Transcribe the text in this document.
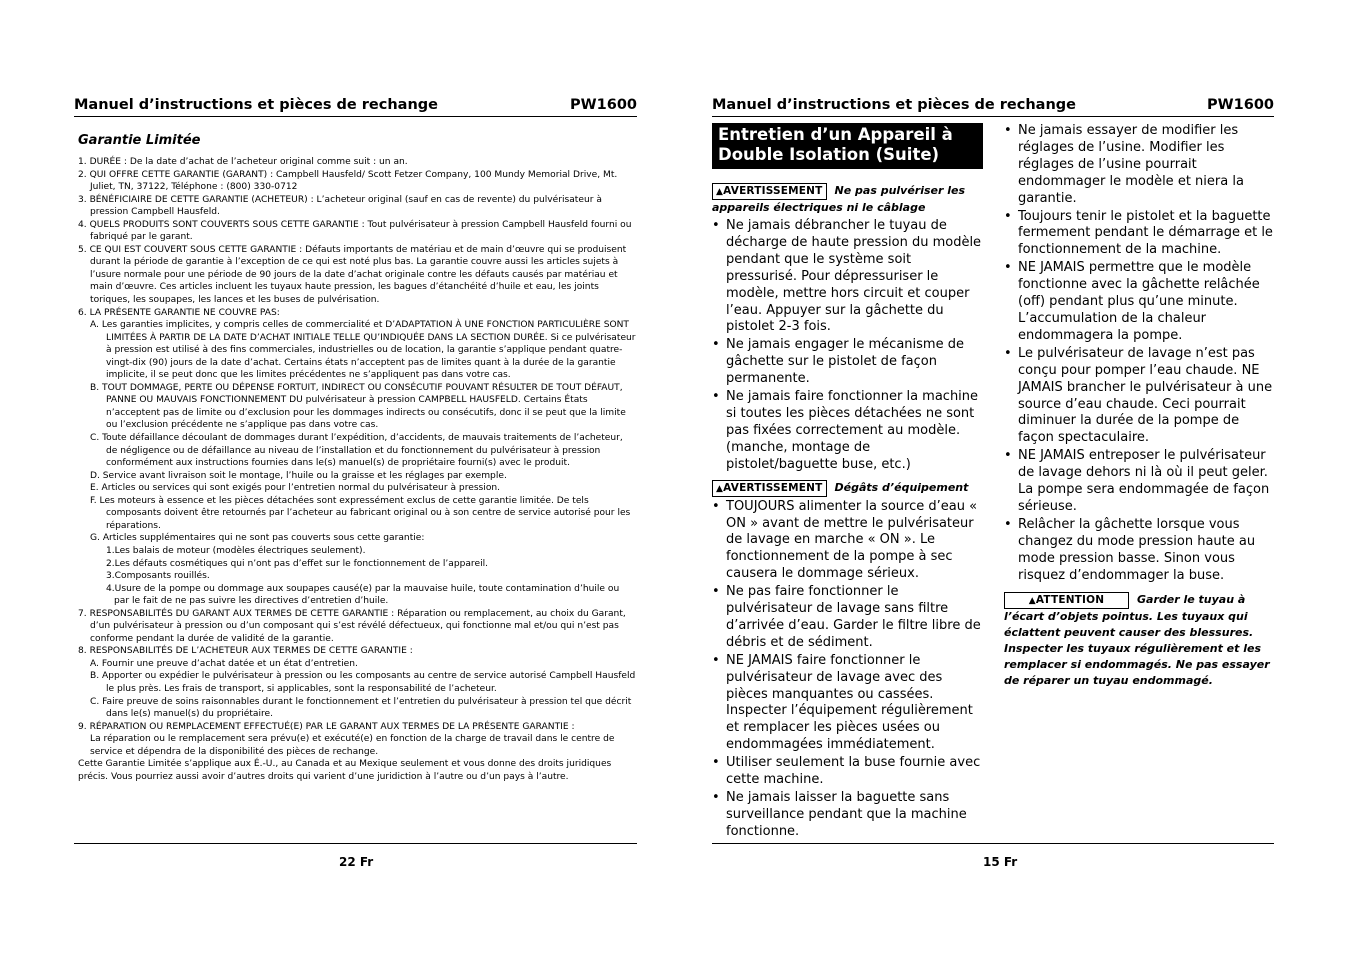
Manuel d’instructions et pièces de rechange	PW1600
Garantie Limitée
1. DURÉE : De la date d’achat de l’acheteur original comme suit : un an.
2. QUI OFFRE CETTE GARANTIE (GARANT) : Campbell Hausfeld/ Scott Fetzer Company, 100 Mundy Memorial Drive, Mt. Juliet, TN, 37122, Téléphone : (800) 330-0712
3. BÉNÉFICIAIRE DE CETTE GARANTIE (ACHETEUR) : L’acheteur original (sauf en cas de revente) du pulvérisateur à pression Campbell Hausfeld.
4. QUELS PRODUITS SONT COUVERTS SOUS CETTE GARANTIE : Tout pulvérisateur à pression Campbell Hausfeld fourni ou fabriqué par le garant.
5. CE QUI EST COUVERT SOUS CETTE GARANTIE : Défauts importants de matériau et de main d’œuvre qui se produisent durant la période de garantie à l’exception de ce qui est noté plus bas. La garantie couvre aussi les articles sujets à l’usure normale pour une période de 90 jours de la date d’achat originale contre les défauts causés par matériau et main d’œuvre. Ces articles incluent les tuyaux haute pression, les bagues d’étanchéité d’huile et eau, les joints toriques, les soupapes, les lances et les buses de pulvérisation.
6. LA PRÉSENTE GARANTIE NE COUVRE PAS:
A. Les garanties implicites, y compris celles de commercialité et D’ADAPTATION À UNE FONCTION PARTICULIÈRE SONT LIMITÉES À PARTIR DE LA DATE D’ACHAT INITIALE TELLE QU’INDIQUÉE DANS LA SECTION DURÉE. Si ce pulvérisateur à pression est utilisé à des fins commerciales, industrielles ou de location, la garantie s’applique pendant quatre-vingt-dix (90) jours de la date d’achat. Certains états n’acceptent pas de limites quant à la durée de la garantie implicite, il se peut donc que les limites précédentes ne s’appliquent pas dans votre cas.
B. TOUT DOMMAGE, PERTE OU DÉPENSE FORTUIT, INDIRECT OU CONSÉCUTIF POUVANT RÉSULTER DE TOUT DÉFAUT, PANNE OU MAUVAIS FONCTIONNEMENT DU pulvérisateur à pression CAMPBELL HAUSFELD. Certains États n’acceptent pas de limite ou d’exclusion pour les dommages indirects ou consécutifs, donc il se peut que la limite ou l’exclusion précédente ne s’applique pas dans votre cas.
C. Toute défaillance découlant de dommages durant l’expédition, d’accidents, de mauvais traitements de l’acheteur, de négligence ou de défaillance au niveau de l’installation et du fonctionnement du pulvérisateur à pression conformément aux instructions fournies dans le(s) manuel(s) de propriétaire fourni(s) avec le produit.
D. Service avant livraison soit le montage, l’huile ou la graisse et les réglages par exemple.
E. Articles ou services qui sont exigés pour l’entretien normal du pulvérisateur à pression.
F. Les moteurs à essence et les pièces détachées sont expressément exclus de cette garantie limitée. De tels composants doivent être retournés par l’acheteur au fabricant original ou à son centre de service autorisé pour les réparations.
G. Articles supplémentaires qui ne sont pas couverts sous cette garantie:
1.Les balais de moteur (modèles électriques seulement).
2.Les défauts cosmétiques qui n’ont pas d’effet sur le fonctionnement de l’appareil.
3.Composants rouillés.
4.Usure de la pompe ou dommage aux soupapes causé(e) par la mauvaise huile, toute contamination d’huile ou par le fait de ne pas suivre les directives d’entretien d’huile.
7. RESPONSABILITÉS DU GARANT AUX TERMES DE CETTE GARANTIE : Réparation ou remplacement, au choix du Garant, d’un pulvérisateur à pression ou d’un composant qui s’est révélé défectueux, qui fonctionne mal et/ou qui n’est pas conforme pendant la durée de validité de la garantie.
8. RESPONSABILITÉS DE L’ACHETEUR AUX TERMES DE CETTE GARANTIE :
A. Fournir une preuve d’achat datée et un état d’entretien.
B. Apporter ou expédier le pulvérisateur à pression ou les composants au centre de service autorisé Campbell Hausfeld le plus près. Les frais de transport, si applicables, sont la responsabilité de l’acheteur.
C. Faire preuve de soins raisonnables durant le fonctionnement et l’entretien du pulvérisateur à pression tel que décrit dans le(s) manuel(s) du propriétaire.
9. RÉPARATION OU REMPLACEMENT EFFECTUÉ(E) PAR LE GARANT AUX TERMES DE LA PRÉSENTE GARANTIE :
La réparation ou le remplacement sera prévu(e) et exécuté(e) en fonction de la charge de travail dans le centre de service et dépendra de la disponibilité des pièces de rechange.
Cette Garantie Limitée s’applique aux É.-U., au Canada et au Mexique seulement et vous donne des droits juridiques précis. Vous pourriez aussi avoir d’autres droits qui varient d’une juridiction à l’autre ou d’un pays à l’autre.
22 Fr
Manuel d’instructions et pièces de rechange	PW1600
Entretien d’un Appareil à Double Isolation (Suite)
▲AVERTISSEMENT Ne pas pulvériser les appareils électriques ni le câblage
• Ne jamais débrancher le tuyau de décharge de haute pression du modèle pendant que le système soit pressurisé. Pour dépressuriser le modèle, mettre hors circuit et couper l’eau. Appuyer sur la gâchette du pistolet 2-3 fois.
• Ne jamais engager le mécanisme de gâchette sur le pistolet de façon permanente.
• Ne jamais faire fonctionner la machine si toutes les pièces détachées ne sont pas fixées correctement au modèle. (manche, montage de pistolet/baguette buse, etc.)
▲AVERTISSEMENT Dégâts d’équipement
• TOUJOURS alimenter la source d’eau « ON » avant de mettre le pulvérisateur de lavage en marche « ON ». Le fonctionnement de la pompe à sec causera le dommage sérieux.
• Ne pas faire fonctionner le pulvérisateur de lavage sans filtre d’arrivée d’eau. Garder le filtre libre de débris et de sédiment.
• NE JAMAIS faire fonctionner le pulvérisateur de lavage avec des pièces manquantes ou cassées. Inspecter l’équipement régulièrement et remplacer les pièces usées ou endommagées immédiatement.
• Utiliser seulement la buse fournie avec cette machine.
• Ne jamais laisser la baguette sans surveillance pendant que la machine fonctionne.
• Ne jamais essayer de modifier les réglages de l’usine. Modifier les réglages de l’usine pourrait endommager le modèle et niera la garantie.
• Toujours tenir le pistolet et la baguette fermement pendant le démarrage et le fonctionnement de la machine.
• NE JAMAIS permettre que le modèle fonctionne avec la gâchette relâchée (off) pendant plus qu’une minute. L’accumulation de la chaleur endommagera la pompe.
• Le pulvérisateur de lavage n’est pas conçu pour pomper l’eau chaude. NE JAMAIS brancher le pulvérisateur à une source d’eau chaude. Ceci pourrait diminuer la durée de la pompe de façon spectaculaire.
• NE JAMAIS entreposer le pulvérisateur de lavage dehors ni là où il peut geler. La pompe sera endommagée de façon sérieuse.
• Relâcher la gâchette lorsque vous changez du mode pression haute au mode pression basse. Sinon vous risquez d’endommager la buse.
▲ATTENTION	Garder le tuyau à l’écart d’objets pointus. Les tuyaux qui éclattent peuvent causer des blessures. Inspecter les tuyaux régulièrement et les remplacer si endommagés. Ne pas essayer de réparer un tuyau endommagé.
15 Fr
